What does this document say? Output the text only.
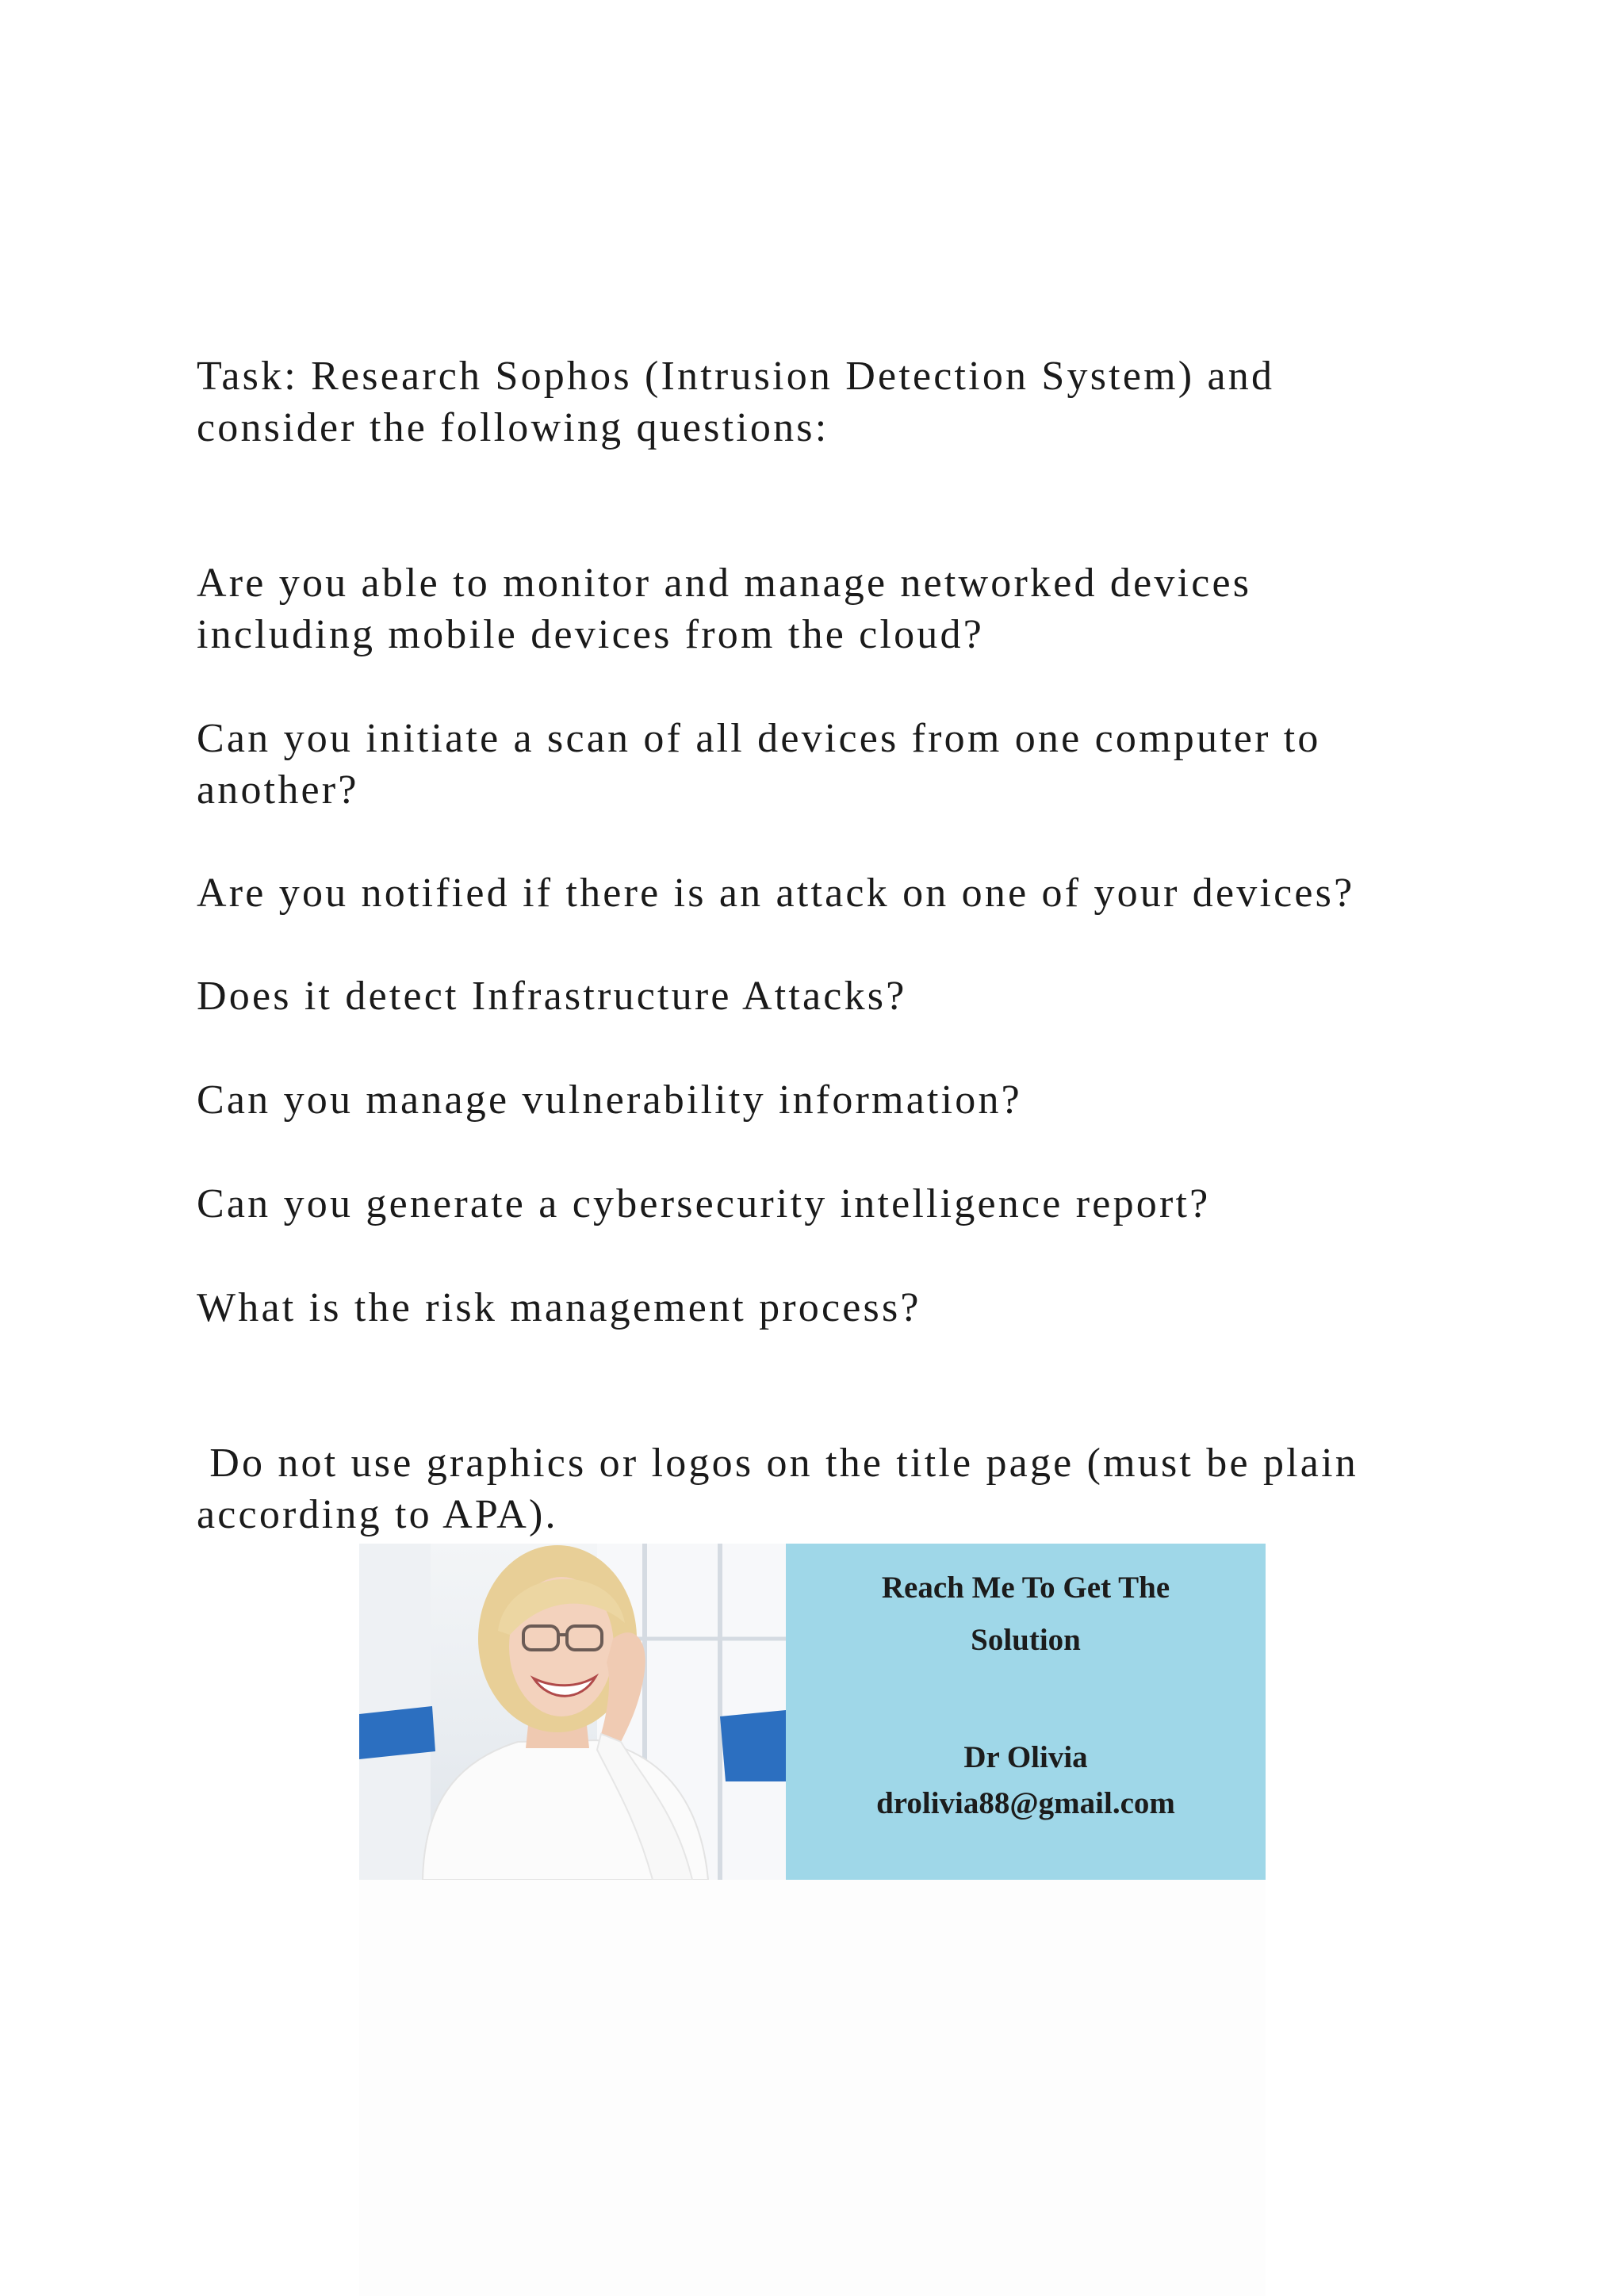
Task: Research Sophos (Intrusion Detection System) and
consider the following questions:

Are you able to monitor and manage networked devices
including mobile devices from the cloud?

Can you initiate a scan of all devices from one computer to
another?

Are you notified if there is an attack on one of your devices?

Does it detect Infrastructure Attacks?

Can you manage vulnerability information?

Can you generate a cybersecurity intelligence report?

What is the risk management process?

Do not use graphics or logos on the title page (must be plain
according to APA).

Reach Me To Get The
Solution
Dr Olivia
drolivia88@gmail.com
